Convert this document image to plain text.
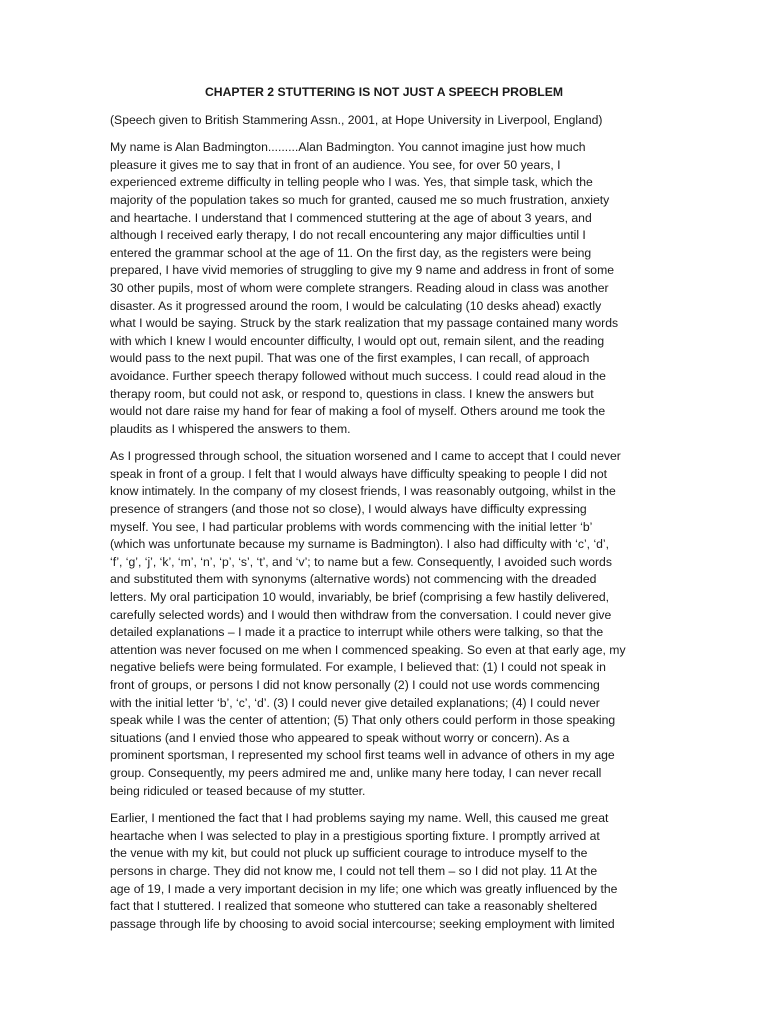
CHAPTER 2 STUTTERING IS NOT JUST A SPEECH PROBLEM
(Speech given to British Stammering Assn., 2001, at Hope University in Liverpool, England)
My name is Alan Badmington.........Alan Badmington. You cannot imagine just how much
pleasure it gives me to say that in front of an audience. You see, for over 50 years, I
experienced extreme difficulty in telling people who I was. Yes, that simple task, which the
majority of the population takes so much for granted, caused me so much frustration, anxiety
and heartache. I understand that I commenced stuttering at the age of about 3 years, and
although I received early therapy, I do not recall encountering any major difficulties until I
entered the grammar school at the age of 11. On the first day, as the registers were being
prepared, I have vivid memories of struggling to give my 9 name and address in front of some
30 other pupils, most of whom were complete strangers. Reading aloud in class was another
disaster. As it progressed around the room, I would be calculating (10 desks ahead) exactly
what I would be saying. Struck by the stark realization that my passage contained many words
with which I knew I would encounter difficulty, I would opt out, remain silent, and the reading
would pass to the next pupil. That was one of the first examples, I can recall, of approach
avoidance. Further speech therapy followed without much success. I could read aloud in the
therapy room, but could not ask, or respond to, questions in class. I knew the answers but
would not dare raise my hand for fear of making a fool of myself. Others around me took the
plaudits as I whispered the answers to them.
As I progressed through school, the situation worsened and I came to accept that I could never
speak in front of a group. I felt that I would always have difficulty speaking to people I did not
know intimately. In the company of my closest friends, I was reasonably outgoing, whilst in the
presence of strangers (and those not so close), I would always have difficulty expressing
myself. You see, I had particular problems with words commencing with the initial letter ‘b’
(which was unfortunate because my surname is Badmington). I also had difficulty with ‘c’, ‘d’,
‘f’, ‘g’, ‘j’, ‘k’, ‘m’, ‘n’, ‘p’, ‘s’, ‘t’, and ‘v’; to name but a few. Consequently, I avoided such words
and substituted them with synonyms (alternative words) not commencing with the dreaded
letters. My oral participation 10 would, invariably, be brief (comprising a few hastily delivered,
carefully selected words) and I would then withdraw from the conversation. I could never give
detailed explanations – I made it a practice to interrupt while others were talking, so that the
attention was never focused on me when I commenced speaking. So even at that early age, my
negative beliefs were being formulated. For example, I believed that: (1) I could not speak in
front of groups, or persons I did not know personally (2) I could not use words commencing
with the initial letter ‘b’, ‘c’, ‘d’. (3) I could never give detailed explanations; (4) I could never
speak while I was the center of attention; (5) That only others could perform in those speaking
situations (and I envied those who appeared to speak without worry or concern). As a
prominent sportsman, I represented my school first teams well in advance of others in my age
group. Consequently, my peers admired me and, unlike many here today, I can never recall
being ridiculed or teased because of my stutter.
Earlier, I mentioned the fact that I had problems saying my name. Well, this caused me great
heartache when I was selected to play in a prestigious sporting fixture. I promptly arrived at
the venue with my kit, but could not pluck up sufficient courage to introduce myself to the
persons in charge. They did not know me, I could not tell them – so I did not play. 11 At the
age of 19, I made a very important decision in my life; one which was greatly influenced by the
fact that I stuttered. I realized that someone who stuttered can take a reasonably sheltered
passage through life by choosing to avoid social intercourse; seeking employment with limited
